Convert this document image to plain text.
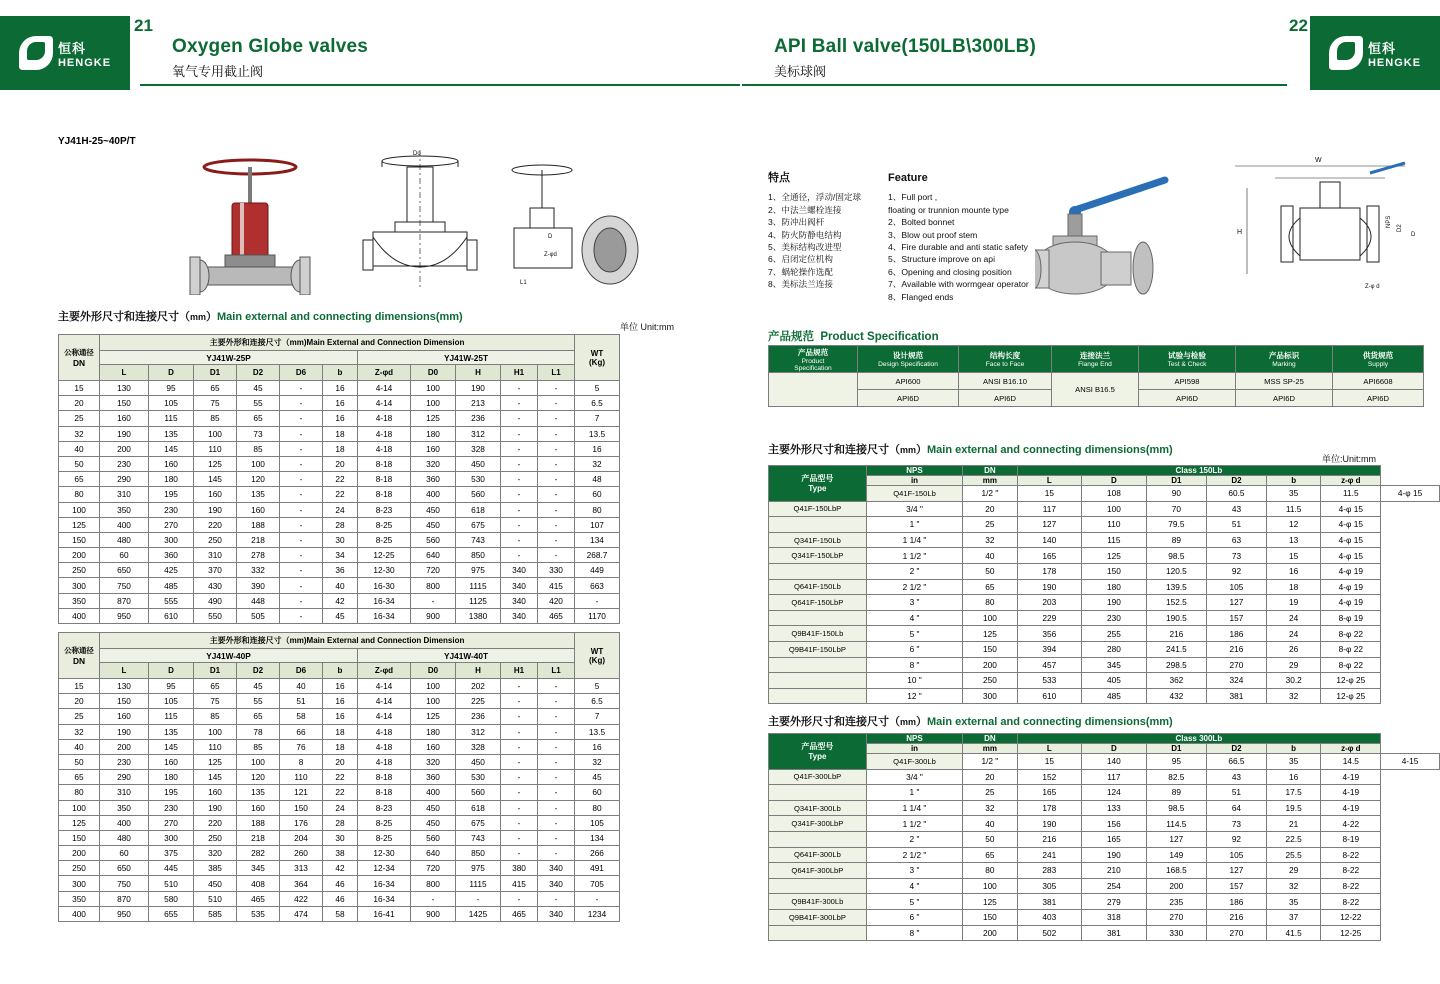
恒科
HENGKE
21
Oxygen Globe valves
氧气专用截止阀
API Ball valve(150LB\300LB)
美标球阀
22
恒科
HENGKE
YJ41H-25~40P/T
Do
Z-φd
L1
D
主要外形尺寸和连接尺寸（mm）Main external and connecting dimensions(mm)
单位 Unit:mm
公称通径
DN
	主要外形和连接尺寸（mm)Main External and Connection Dimension	
WT
(Kg)

	YJ41W-25P						YJ41W-25T					
	L	D	D1	D2	D6	b	Z-φd	D0	H	H1	L1	
15	130	95	65	45	-	16	4-14	100	190	-	-	5
20	150	105	75	55	-	16	4-14	100	213	-	-	6.5
25	160	115	85	65	-	16	4-18	125	236	-	-	7
32	190	135	100	73	-	18	4-18	180	312	-	-	13.5
40	200	145	110	85	-	18	4-18	160	328	-	-	16
50	230	160	125	100	-	20	8-18	320	450	-	-	32
65	290	180	145	120	-	22	8-18	360	530	-	-	48
80	310	195	160	135	-	22	8-18	400	560	-	-	60
100	350	230	190	160	-	24	8-23	450	618	-	-	80
125	400	270	220	188	-	28	8-25	450	675	-	-	107
150	480	300	250	218	-	30	8-25	560	743	-	-	134
200	60	360	310	278	-	34	12-25	640	850	-	-	268.7
250	650	425	370	332	-	36	12-30	720	975	340	330	449
300	750	485	430	390	-	40	16-30	800	1115	340	415	663
350	870	555	490	448	-	42	16-34	-	1125	340	420	-
400	950	610	550	505	-	45	16-34	900	1380	340	465	1170
公称通径
DN
	主要外形和连接尺寸（mm)Main External and Connection Dimension	
WT
(Kg)

	YJ41W-40P						YJ41W-40T					
	L	D	D1	D2	D6	b	Z-φd	D0	H	H1	L1	
15	130	95	65	45	40	16	4-14	100	202	-	-	5
20	150	105	75	55	51	16	4-14	100	225	-	-	6.5
25	160	115	85	65	58	16	4-14	125	236	-	-	7
32	190	135	100	78	66	18	4-18	180	312	-	-	13.5
40	200	145	110	85	76	18	4-18	160	328	-	-	16
50	230	160	125	100	8	20	4-18	320	450	-	-	32
65	290	180	145	120	110	22	8-18	360	530	-	-	45
80	310	195	160	135	121	22	8-18	400	560	-	-	60
100	350	230	190	160	150	24	8-23	450	618	-	-	80
125	400	270	220	188	176	28	8-25	450	675	-	-	105
150	480	300	250	218	204	30	8-25	560	743	-	-	134
200	60	375	320	282	260	38	12-30	640	850	-	-	266
250	650	445	385	345	313	42	12-34	720	975	380	340	491
300	750	510	450	408	364	46	16-34	800	1115	415	340	705
350	870	580	510	465	422	46	16-34	-	-	-	-	-
400	950	655	585	535	474	58	16-41	900	1425	465	340	1234
特点
1、全通径，浮动/固定球
2、中法兰螺栓连接
3、防冲出阀杆
4、防火防静电结构
5、美标结构改进型
6、启闭定位机构
7、蜗轮操作选配
8、美标法兰连接
Feature
1、Full port ,
floating or trunnion mounte type
2、Bolted bonnet
3、Blow out proof stem
4、Fire durable and anti static safety
5、Structure improve on api
6、Opening and closing position
7、Available with wormgear operator
8、Flanged ends
W
H
NPS
D2
D
Z-φ d
产品规范 Product Specification
产品规范
Product
Specification

设计规范
Design Specification

结构长度
Face to Face

连接法兰
Flange End

试验与检验
Test & Check

产品标识
Marking

供货规范
Supply

	API600	ANSI B16.10	ANSI B16.5	API598	MSS SP-25	API6608
	API6D	API6D		API6D	API6D	API6D
主要外形尺寸和连接尺寸（mm）Main external and connecting dimensions(mm)
单位:Unit:mm
产品型号
Type	NPS	DN	Class 150Lb						
	in	mm	L	D	D1	D2	b	z-φ d	
	Q41F-150Lb	1/2 "	15	108	90	60.5	35	11.5	4-φ 15
Q41F-150LbP	3/4 "	20	117	100	70	43	11.5	4-φ 15	
	1 "	25	127	110	79.5	51	12	4-φ 15	
Q341F-150Lb	1 1/4 "	32	140	115	89	63	13	4-φ 15	
Q341F-150LbP	1 1/2 "	40	165	125	98.5	73	15	4-φ 15	
	2 "	50	178	150	120.5	92	16	4-φ 19	
Q641F-150Lb	2 1/2 "	65	190	180	139.5	105	18	4-φ 19	
Q641F-150LbP	3 "	80	203	190	152.5	127	19	4-φ 19	
	4 "	100	229	230	190.5	157	24	8-φ 19	
Q9B41F-150Lb	5 "	125	356	255	216	186	24	8-φ 22	
Q9B41F-150LbP	6 "	150	394	280	241.5	216	26	8-φ 22	
	8 "	200	457	345	298.5	270	29	8-φ 22	
	10 "	250	533	405	362	324	30.2	12-φ 25	
	12 "	300	610	485	432	381	32	12-φ 25	
主要外形尺寸和连接尺寸（mm）Main external and connecting dimensions(mm)
产品型号
Type	NPS	DN	Class 300Lb						
	in	mm	L	D	D1	D2	b	z-φ d	
	Q41F-300Lb	1/2 "	15	140	95	66.5	35	14.5	4-15
Q41F-300LbP	3/4 "	20	152	117	82.5	43	16	4-19	
	1 "	25	165	124	89	51	17.5	4-19	
Q341F-300Lb	1 1/4 "	32	178	133	98.5	64	19.5	4-19	
Q341F-300LbP	1 1/2 "	40	190	156	114.5	73	21	4-22	
	2 "	50	216	165	127	92	22.5	8-19	
Q641F-300Lb	2 1/2 "	65	241	190	149	105	25.5	8-22	
Q641F-300LbP	3 "	80	283	210	168.5	127	29	8-22	
	4 "	100	305	254	200	157	32	8-22	
Q9B41F-300Lb	5 "	125	381	279	235	186	35	8-22	
Q9B41F-300LbP	6 "	150	403	318	270	216	37	12-22	
	8 "	200	502	381	330	270	41.5	12-25	
